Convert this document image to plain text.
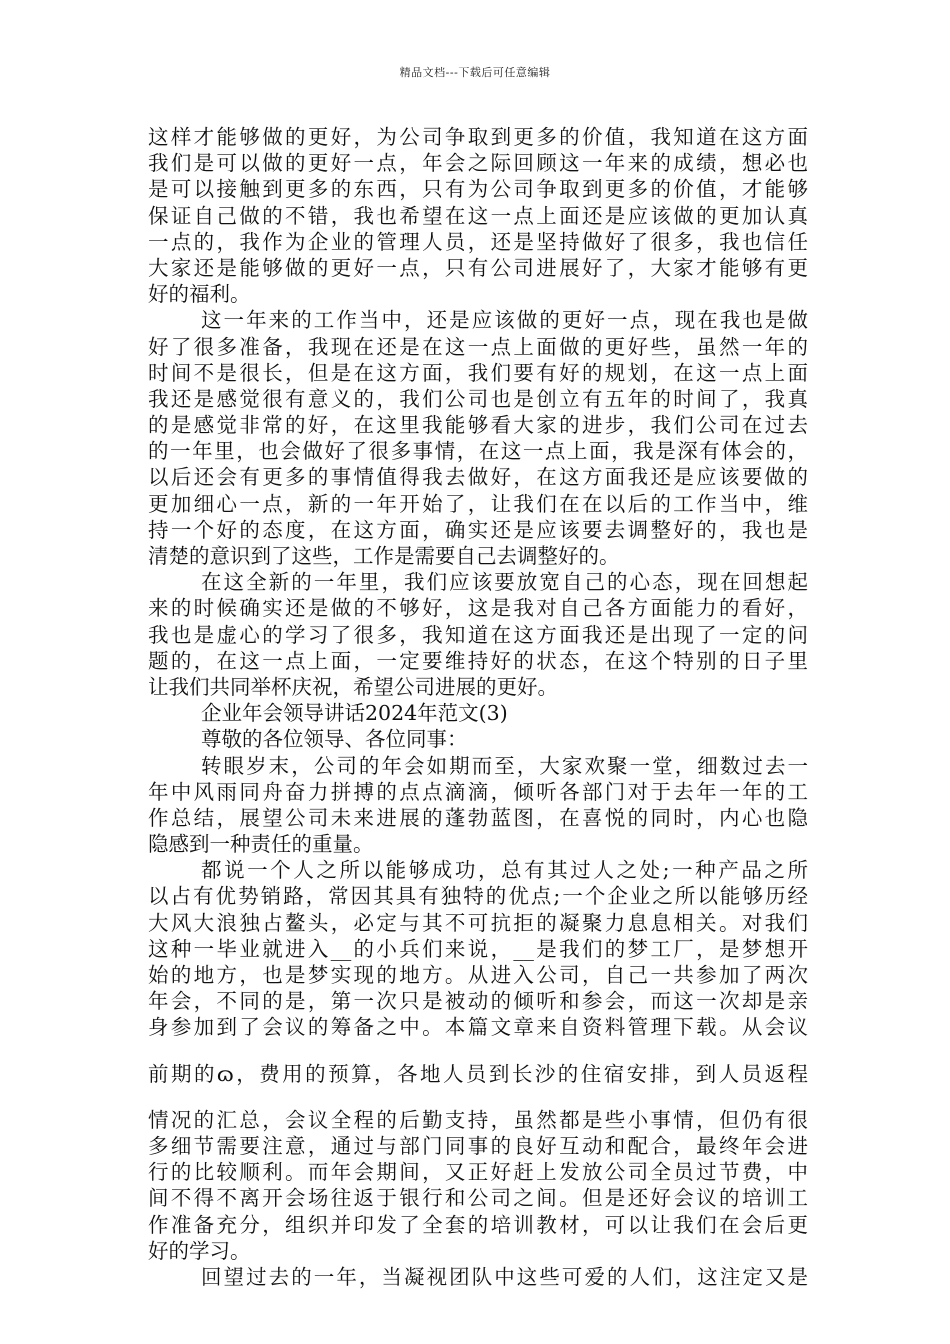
精品文档---下载后可任意编辑
这样才能够做的更好，为公司争取到更多的价值，我知道在这方面
我们是可以做的更好一点，年会之际回顾这一年来的成绩，想必也
是可以接触到更多的东西，只有为公司争取到更多的价值，才能够
保证自己做的不错，我也希望在这一点上面还是应该做的更加认真
一点的，我作为企业的管理人员，还是坚持做好了很多，我也信任
大家还是能够做的更好一点，只有公司进展好了，大家才能够有更
好的福利。
这一年来的工作当中，还是应该做的更好一点，现在我也是做
好了很多准备，我现在还是在这一点上面做的更好些，虽然一年的
时间不是很长，但是在这方面，我们要有好的规划，在这一点上面
我还是感觉很有意义的，我们公司也是创立有五年的时间了，我真
的是感觉非常的好，在这里我能够看大家的进步，我们公司在过去
的一年里，也会做好了很多事情，在这一点上面，我是深有体会的，
以后还会有更多的事情值得我去做好，在这方面我还是应该要做的
更加细心一点，新的一年开始了，让我们在在以后的工作当中，维
持一个好的态度，在这方面，确实还是应该要去调整好的，我也是
清楚的意识到了这些，工作是需要自己去调整好的。
在这全新的一年里，我们应该要放宽自己的心态，现在回想起
来的时候确实还是做的不够好，这是我对自己各方面能力的看好，
我也是虚心的学习了很多，我知道在这方面我还是出现了一定的问
题的，在这一点上面，一定要维持好的状态，在这个特别的日子里
让我们共同举杯庆祝，希望公司进展的更好。
企业年会领导讲话2024年范文(3)
尊敬的各位领导、各位同事：
转眼岁末，公司的年会如期而至，大家欢聚一堂，细数过去一
年中风雨同舟奋力拼搏的点点滴滴，倾听各部门对于去年一年的工
作总结，展望公司未来进展的蓬勃蓝图，在喜悦的同时，内心也隐
隐感到一种责任的重量。
都说一个人之所以能够成功，总有其过人之处;一种产品之所
以占有优势销路，常因其具有独特的优点;一个企业之所以能够历经
大风大浪独占鳌头，必定与其不可抗拒的凝聚力息息相关。对我们
这种一毕业就进入__的小兵们来说，__是我们的梦工厂，是梦想开
始的地方，也是梦实现的地方。从进入公司，自己一共参加了两次
年会，不同的是，第一次只是被动的倾听和参会，而这一次却是亲
身参加到了会议的筹备之中。本篇文章来自资料管理下载。从会议
前期的ɷ，费用的预算，各地人员到长沙的住宿安排，到人员返程
情况的汇总，会议全程的后勤支持，虽然都是些小事情，但仍有很
多细节需要注意，通过与部门同事的良好互动和配合，最终年会进
行的比较顺利。而年会期间，又正好赶上发放公司全员过节费，中
间不得不离开会场往返于银行和公司之间。但是还好会议的培训工
作准备充分，组织并印发了全套的培训教材，可以让我们在会后更
好的学习。
回望过去的一年，当凝视团队中这些可爱的人们，这注定又是
